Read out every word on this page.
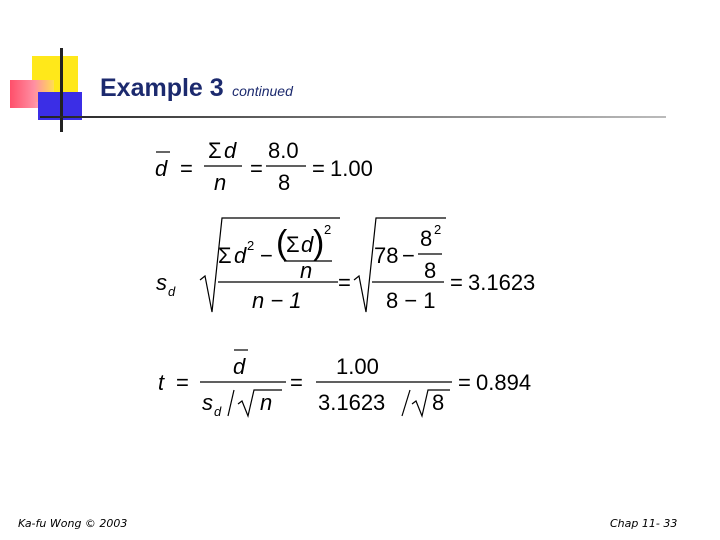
Example 3 continued
d =
Σ d
n
=
8.0
8
= 1.00
s d
Σ d 2 − (
Σ d ) 2
n
n − 1
=
78 −
8 2
8
8 − 1
= 3.1623
t =
d
s d n
=
1.00
3.1623 8
= 0.894
Ka-fu Wong © 2003	Chap 11- 33
